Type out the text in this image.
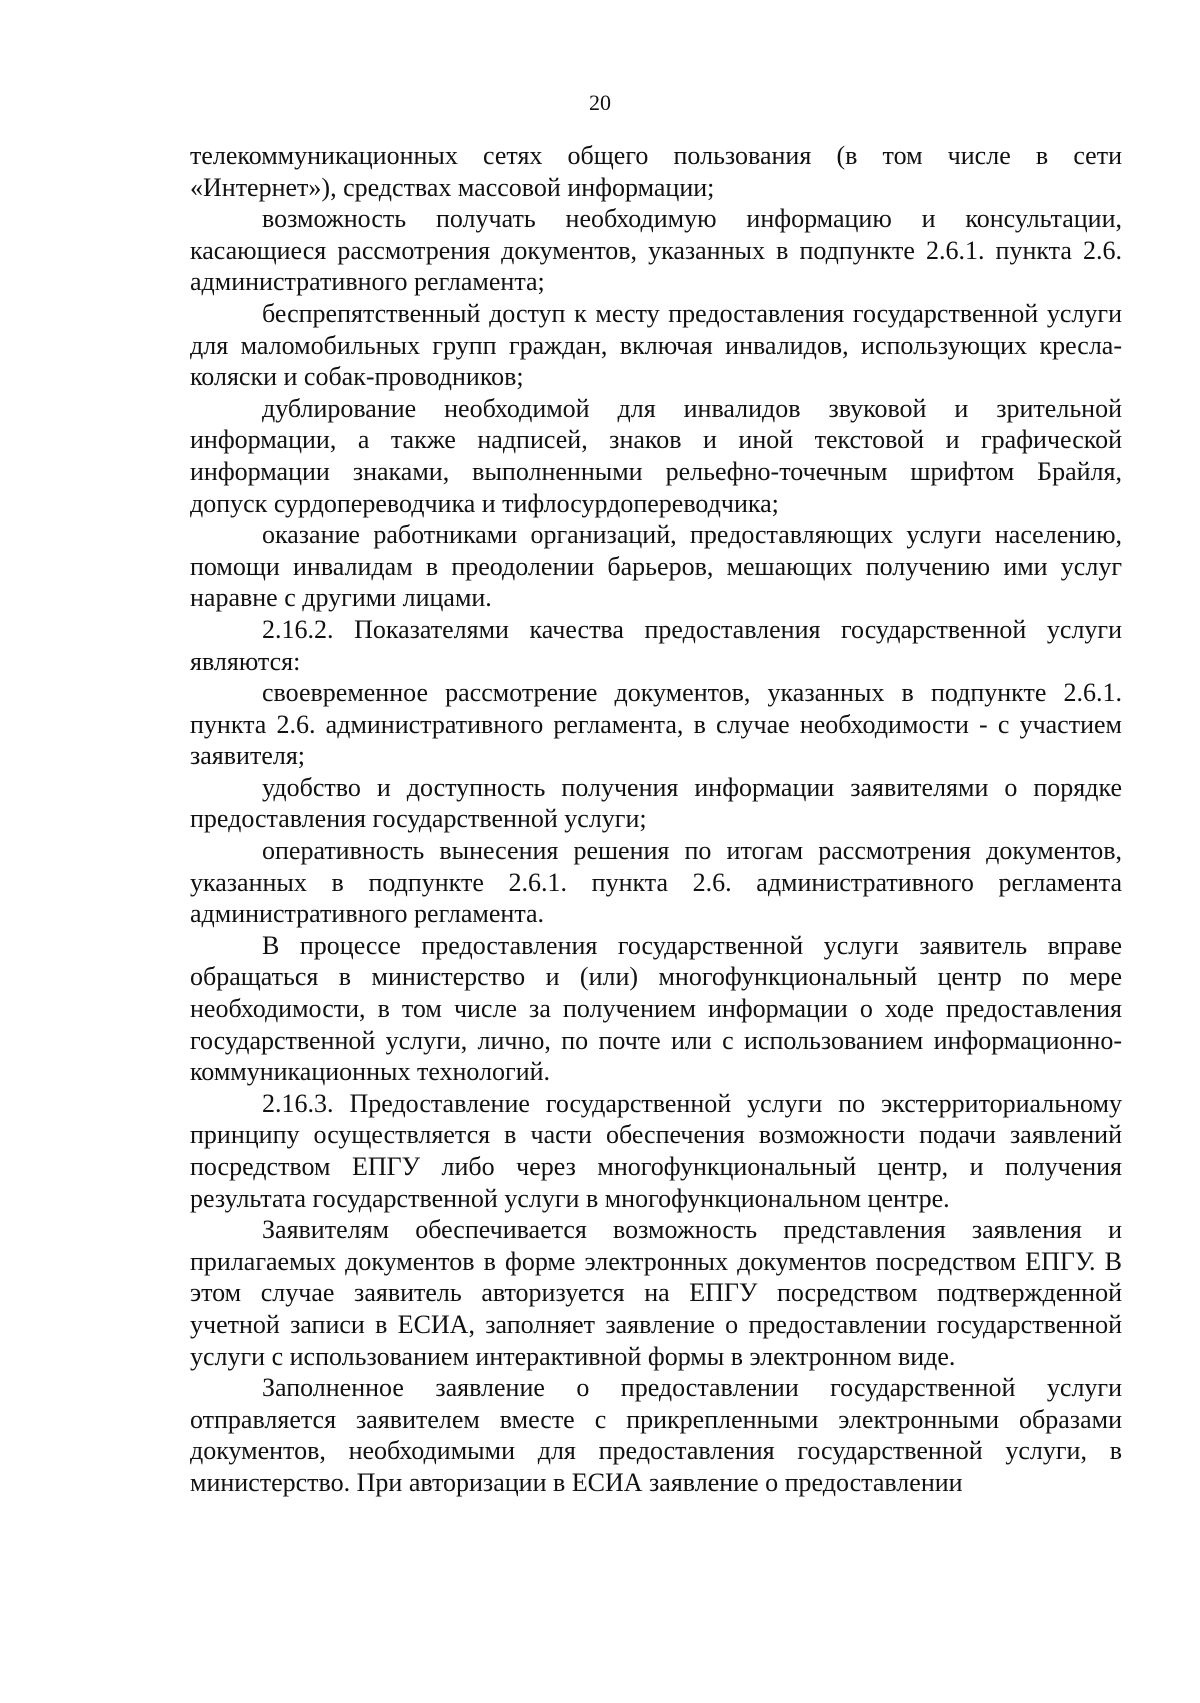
20

телекоммуникационных сетях общего пользования (в том числе в сети «Интернет»), средствах массовой информации;

возможность получать необходимую информацию и консультации, касающиеся рассмотрения документов, указанных в подпункте 2.6.1. пункта 2.6. административного регламента;

беспрепятственный доступ к месту предоставления государственной услуги для маломобильных групп граждан, включая инвалидов, использующих кресла-коляски и собак-проводников;

дублирование необходимой для инвалидов звуковой и зрительной информации, а также надписей, знаков и иной текстовой и графической информации знаками, выполненными рельефно-точечным шрифтом Брайля, допуск сурдопереводчика и тифлосурдопереводчика;

оказание работниками организаций, предоставляющих услуги населению, помощи инвалидам в преодолении барьеров, мешающих получению ими услуг наравне с другими лицами.

2.16.2. Показателями качества предоставления государственной услуги являются:

своевременное рассмотрение документов, указанных в подпункте 2.6.1. пункта 2.6. административного регламента, в случае необходимости - с участием заявителя;

удобство и доступность получения информации заявителями о порядке предоставления государственной услуги;

оперативность вынесения решения по итогам рассмотрения документов, указанных в подпункте 2.6.1. пункта 2.6. административного регламента административного регламента.

В процессе предоставления государственной услуги заявитель вправе обращаться в министерство и (или) многофункциональный центр по мере необходимости, в том числе за получением информации о ходе предоставления государственной услуги, лично, по почте или с использованием информационно-коммуникационных технологий.

2.16.3. Предоставление государственной услуги по экстерриториальному принципу осуществляется в части обеспечения возможности подачи заявлений посредством ЕПГУ либо через многофункциональный центр, и получения результата государственной услуги в многофункциональном центре.

Заявителям обеспечивается возможность представления заявления и прилагаемых документов в форме электронных документов посредством ЕПГУ. В этом случае заявитель авторизуется на ЕПГУ посредством подтвержденной учетной записи в ЕСИА, заполняет заявление о предоставлении государственной услуги с использованием интерактивной формы в электронном виде.

Заполненное заявление о предоставлении государственной услуги отправляется заявителем вместе с прикрепленными электронными образами документов, необходимыми для предоставления государственной услуги, в министерство. При авторизации в ЕСИА заявление о предоставлении
